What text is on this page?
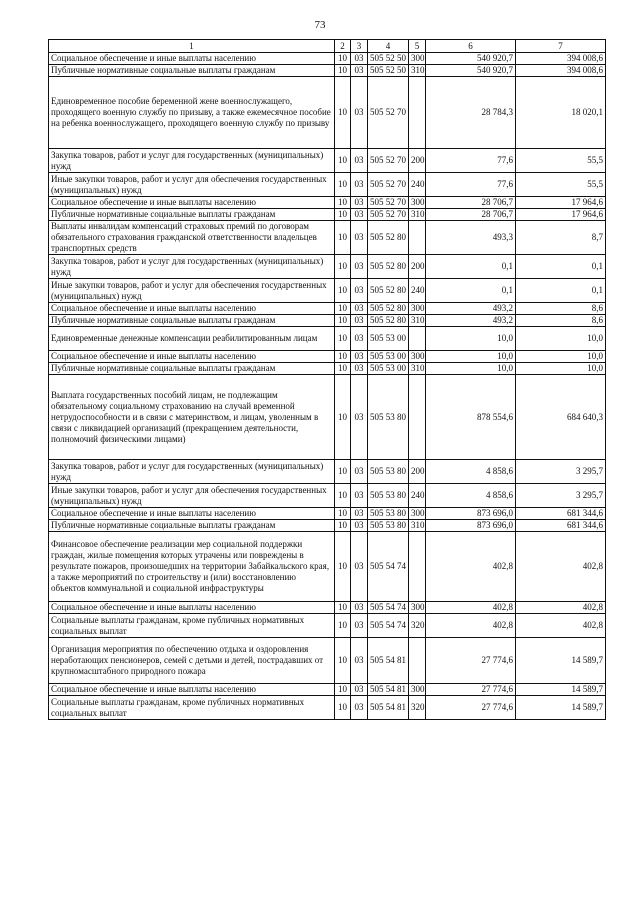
73
1	2	3	4	5	6	7
Социальное обеспечение и иные выплаты населению	10	03	505 52 50	300	540 920,7	394 008,6
Публичные нормативные социальные выплаты гражданам	10	03	505 52 50	310	540 920,7	394 008,6
Единовременное пособие беременной жене военнослужащего, проходящего военную службу по призыву, а также ежемесячное пособие на ребенка военнослужащего, проходящего военную службу по призыву	10	03	505 52 70		28 784,3	18 020,1
Закупка товаров, работ и услуг для государственных (муниципальных) нужд	10	03	505 52 70	200	77,6	55,5
Иные закупки товаров, работ и услуг для обеспечения государственных (муниципальных) нужд	10	03	505 52 70	240	77,6	55,5
Социальное обеспечение и иные выплаты населению	10	03	505 52 70	300	28 706,7	17 964,6
Публичные нормативные социальные выплаты гражданам	10	03	505 52 70	310	28 706,7	17 964,6
Выплаты инвалидам компенсаций страховых премий по договорам обязательного страхования гражданской ответственности владельцев транспортных средств	10	03	505 52 80		493,3	8,7
Закупка товаров, работ и услуг для государственных (муниципальных) нужд	10	03	505 52 80	200	0,1	0,1
Иные закупки товаров, работ и услуг для обеспечения государственных (муниципальных) нужд	10	03	505 52 80	240	0,1	0,1
Социальное обеспечение и иные выплаты населению	10	03	505 52 80	300	493,2	8,6
Публичные нормативные социальные выплаты гражданам	10	03	505 52 80	310	493,2	8,6
Единовременные денежные компенсации реабилитированным лицам	10	03	505 53 00		10,0	10,0
Социальное обеспечение и иные выплаты населению	10	03	505 53 00	300	10,0	10,0
Публичные нормативные социальные выплаты гражданам	10	03	505 53 00	310	10,0	10,0
Выплата государственных пособий лицам, не подлежащим обязательному социальному страхованию на случай временной нетрудоспособности и в связи с материнством, и лицам, уволенным в связи с ликвидацией организаций (прекращением деятельности, полномочий физическими лицами)	10	03	505 53 80		878 554,6	684 640,3
Закупка товаров, работ и услуг для государственных (муниципальных) нужд	10	03	505 53 80	200	4 858,6	3 295,7
Иные закупки товаров, работ и услуг для обеспечения государственных (муниципальных) нужд	10	03	505 53 80	240	4 858,6	3 295,7
Социальное обеспечение и иные выплаты населению	10	03	505 53 80	300	873 696,0	681 344,6
Публичные нормативные социальные выплаты гражданам	10	03	505 53 80	310	873 696,0	681 344,6
Финансовое обеспечение реализации мер социальной поддержки граждан, жилые помещения которых утрачены или повреждены в результате пожаров, произошедших на территории Забайкальского края, а также мероприятий по строительству и (или) восстановлению объектов коммунальной и социальной инфраструктуры	10	03	505 54 74		402,8	402,8
Социальное обеспечение и иные выплаты населению	10	03	505 54 74	300	402,8	402,8
Социальные выплаты гражданам, кроме публичных нормативных социальных выплат	10	03	505 54 74	320	402,8	402,8
Организация мероприятия по обеспечению отдыха и оздоровления неработающих пенсионеров, семей с детьми и детей, пострадавших от крупномасштабного природного пожара	10	03	505 54 81		27 774,6	14 589,7
Социальное обеспечение и иные выплаты населению	10	03	505 54 81	300	27 774,6	14 589,7
Социальные выплаты гражданам, кроме публичных нормативных социальных выплат	10	03	505 54 81	320	27 774,6	14 589,7
